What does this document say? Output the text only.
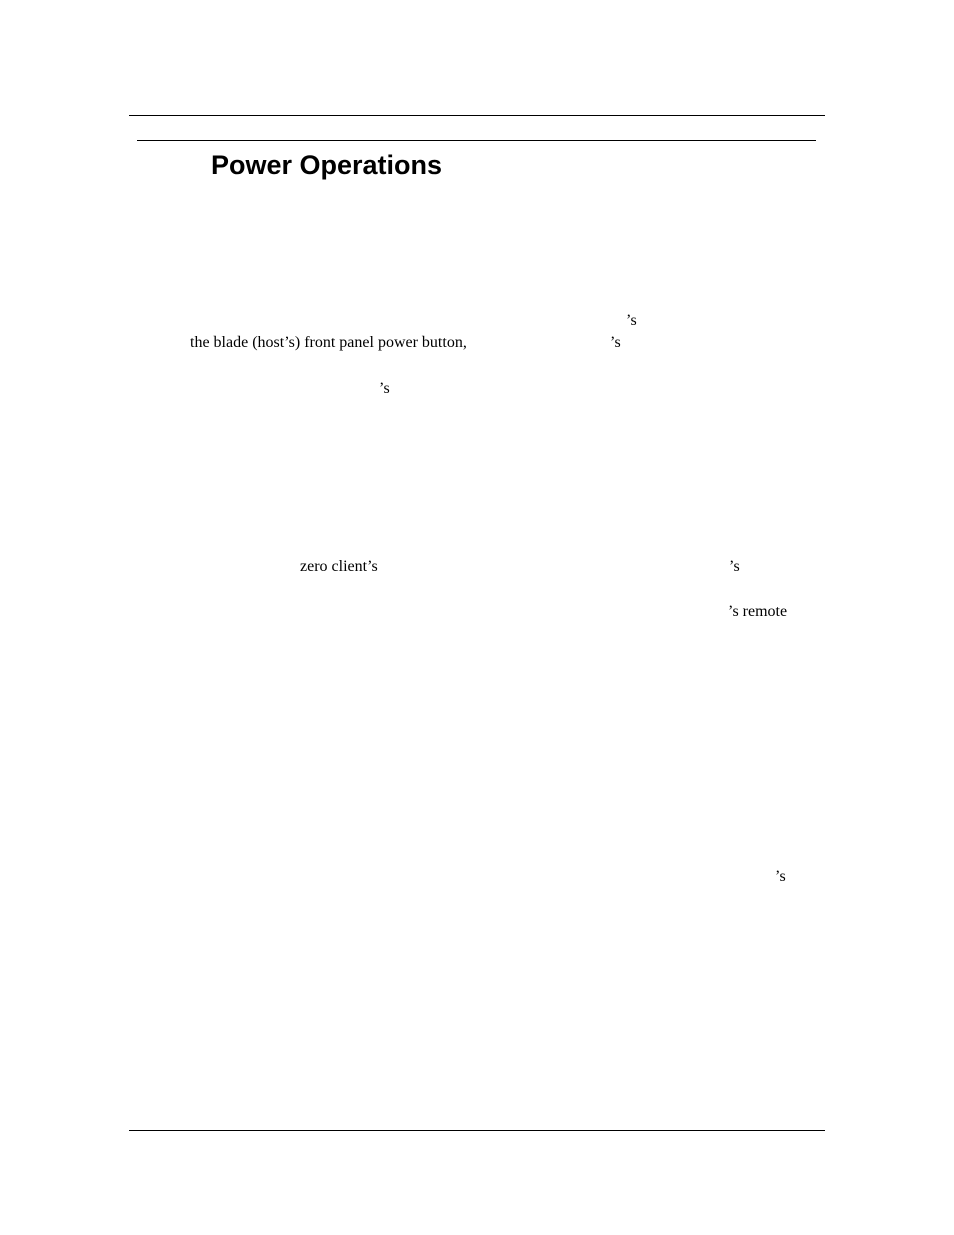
Power Operations
’s
the blade (host’s) front panel power button,	’s
’s
zero client’s	’s
’s remote
’s
